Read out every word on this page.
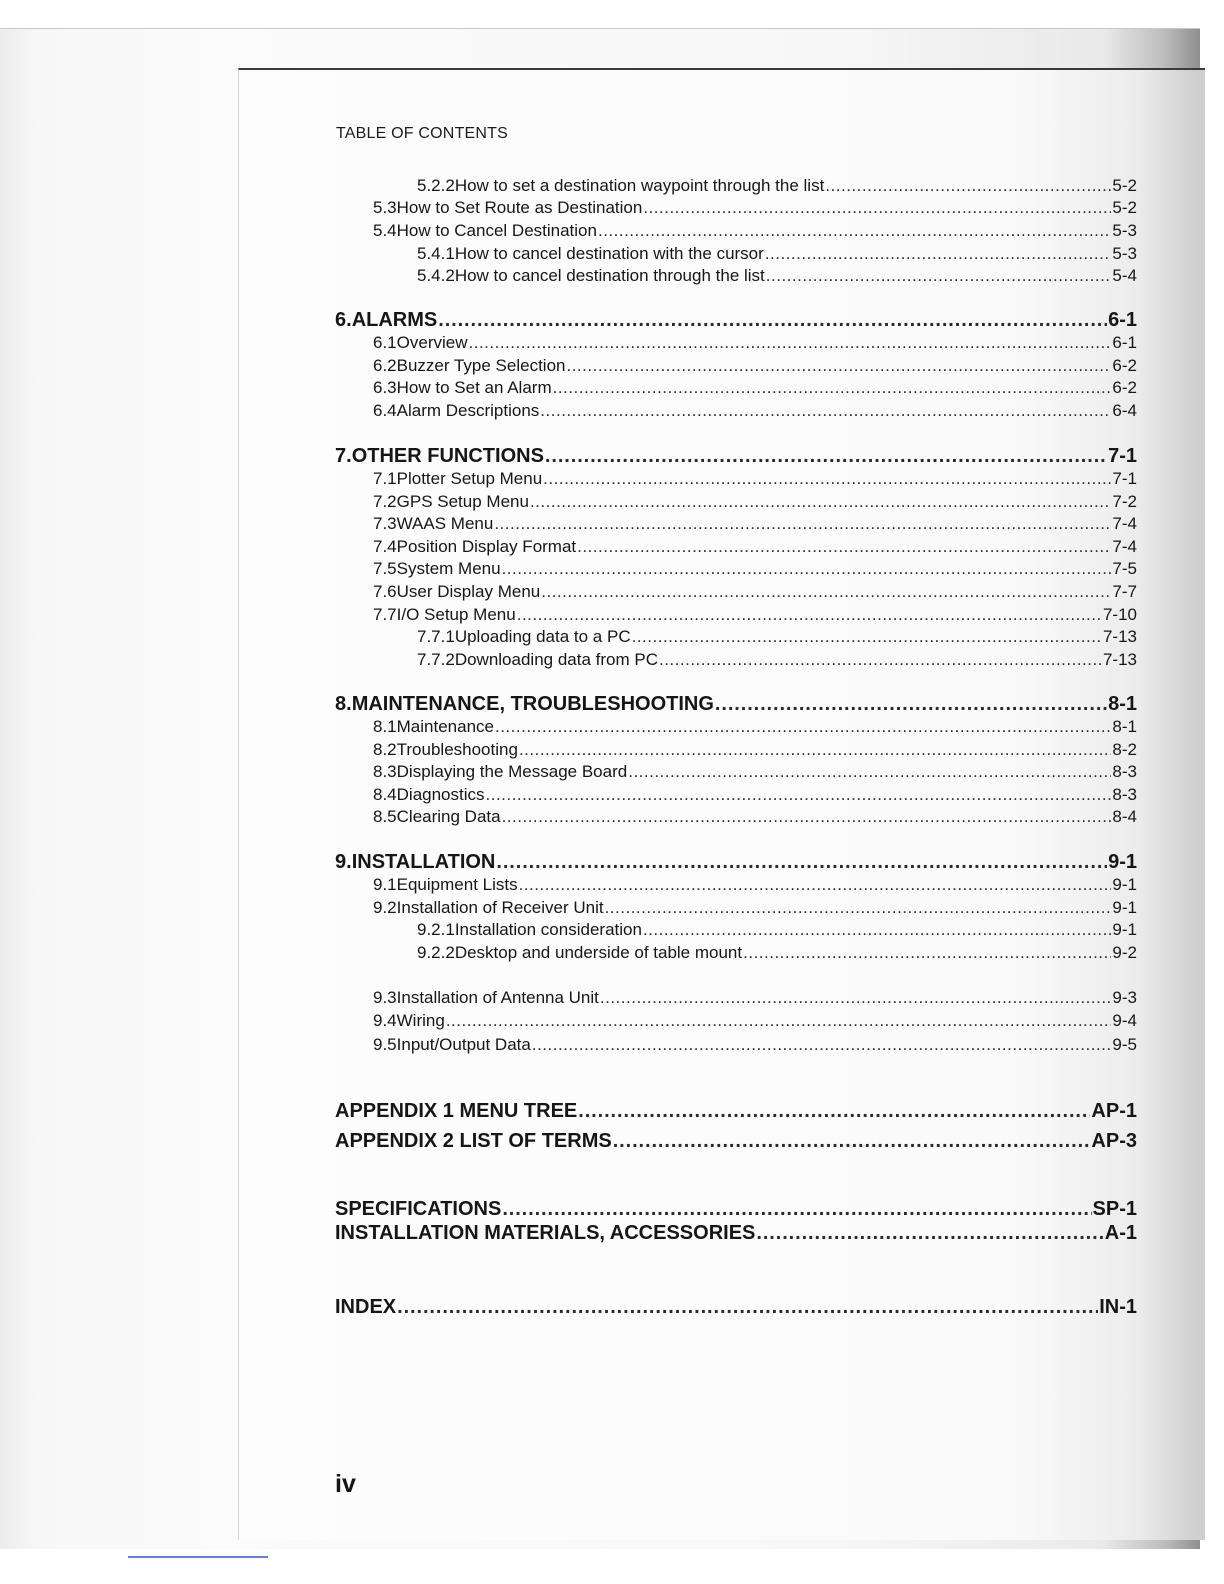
TABLE OF CONTENTS
5.2.2 How to set a destination waypoint through the list .....	5-2
5.3 How to Set Route as Destination .....	5-2
5.4 How to Cancel Destination .....	5-3
5.4.1 How to cancel destination with the cursor .....	5-3
5.4.2 How to cancel destination through the list .....	5-4
6. ALARMS .....	6-1
6.1 Overview .....	6-1
6.2 Buzzer Type Selection .....	6-2
6.3 How to Set an Alarm .....	6-2
6.4 Alarm Descriptions .....	6-4
7. OTHER FUNCTIONS .....	7-1
7.1 Plotter Setup Menu .....	7-1
7.2 GPS Setup Menu .....	7-2
7.3 WAAS Menu .....	7-4
7.4 Position Display Format .....	7-4
7.5 System Menu .....	7-5
7.6 User Display Menu .....	7-7
7.7 I/O Setup Menu .....	7-10
7.7.1 Uploading data to a PC .....	7-13
7.7.2 Downloading data from PC .....	7-13
8. MAINTENANCE, TROUBLESHOOTING .....	8-1
8.1 Maintenance .....	8-1
8.2 Troubleshooting .....	8-2
8.3 Displaying the Message Board .....	8-3
8.4 Diagnostics .....	8-3
8.5 Clearing Data .....	8-4
9. INSTALLATION .....	9-1
9.1 Equipment Lists .....	9-1
9.2 Installation of Receiver Unit .....	9-1
9.2.1 Installation consideration .....	9-1
9.2.2 Desktop and underside of table mount .....	9-2
9.3 Installation of Antenna Unit .....	9-3
9.4 Wiring .....	9-4
9.5 Input/Output Data .....	9-5
APPENDIX 1 MENU TREE .....	AP-1
APPENDIX 2 LIST OF TERMS .....	AP-3
SPECIFICATIONS .....	SP-1
INSTALLATION MATERIALS, ACCESSORIES .....	A-1
INDEX .....	IN-1
iv
